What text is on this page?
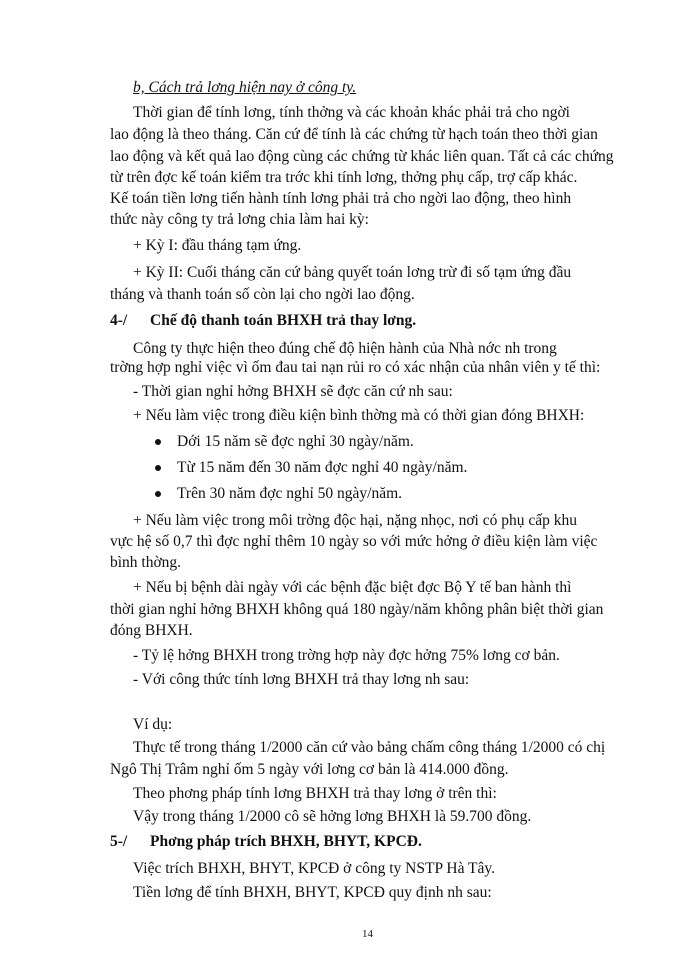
b, Cách trả lơng hiện nay ở công ty.
Thời gian để tính lơng, tính thởng và các khoản khác phải trả cho ngời
lao động là theo tháng. Căn cứ để tính là các chứng từ hạch toán theo thời gian
lao động và kết quả lao động cùng các chứng từ khác liên quan. Tất cả các chứng
từ trên đợc kế toán kiểm tra trớc khi tính lơng, thởng phụ cấp, trợ cấp khác.
Kế toán tiền lơng tiến hành tính lơng phải trả cho ngời lao động, theo hình
thức này công ty trả lơng chia làm hai kỳ:
+ Kỳ I: đầu tháng tạm ứng.
+ Kỳ II: Cuối tháng căn cứ bảng quyết toán lơng trừ đi số tạm ứng đầu
tháng và thanh toán số còn lại cho ngời lao động.
4-/ Chế độ thanh toán BHXH trả thay lơng.
Công ty thực hiện theo đúng chế độ hiện hành của Nhà nớc nh trong
trờng hợp nghỉ việc vì ốm đau tai nạn rủi ro có xác nhận của nhân viên y tế thì:
- Thời gian nghỉ hởng BHXH sẽ đợc căn cứ nh sau:
+ Nếu làm việc trong điều kiện bình thờng mà có thời gian đóng BHXH:
Dới 15 năm sẽ đợc nghỉ 30 ngày/năm.
Từ 15 năm đến 30 năm đợc nghỉ 40 ngày/năm.
Trên 30 năm đợc nghỉ 50 ngày/năm.
+ Nếu làm việc trong môi trờng độc hại, nặng nhọc, nơi có phụ cấp khu
vực hệ số 0,7 thì đợc nghỉ thêm 10 ngày so với mức hởng ở điều kiện làm việc
bình thờng.
+ Nếu bị bệnh dài ngày với các bệnh đặc biệt đợc Bộ Y tế ban hành thì
thời gian nghỉ hởng BHXH không quá 180 ngày/năm không phân biệt thời gian
đóng BHXH.
- Tỷ lệ hởng BHXH trong trờng hợp này đợc hởng 75% lơng cơ bản.
- Với công thức tính lơng BHXH trả thay lơng nh sau:
Ví dụ:
Thực tế trong tháng 1/2000 căn cứ vào bảng chấm công tháng 1/2000 có chị
Ngô Thị Trâm nghỉ ốm 5 ngày với lơng cơ bản là 414.000 đồng.
Theo phơng pháp tính lơng BHXH trả thay lơng ở trên thì:
Vậy trong tháng 1/2000 cô sẽ hởng lơng BHXH là 59.700 đồng.
5-/ Phơng pháp trích BHXH, BHYT, KPCĐ.
Việc trích BHXH, BHYT, KPCĐ ở công ty NSTP Hà Tây.
Tiền lơng để tính BHXH, BHYT, KPCĐ quy định nh sau:
14
